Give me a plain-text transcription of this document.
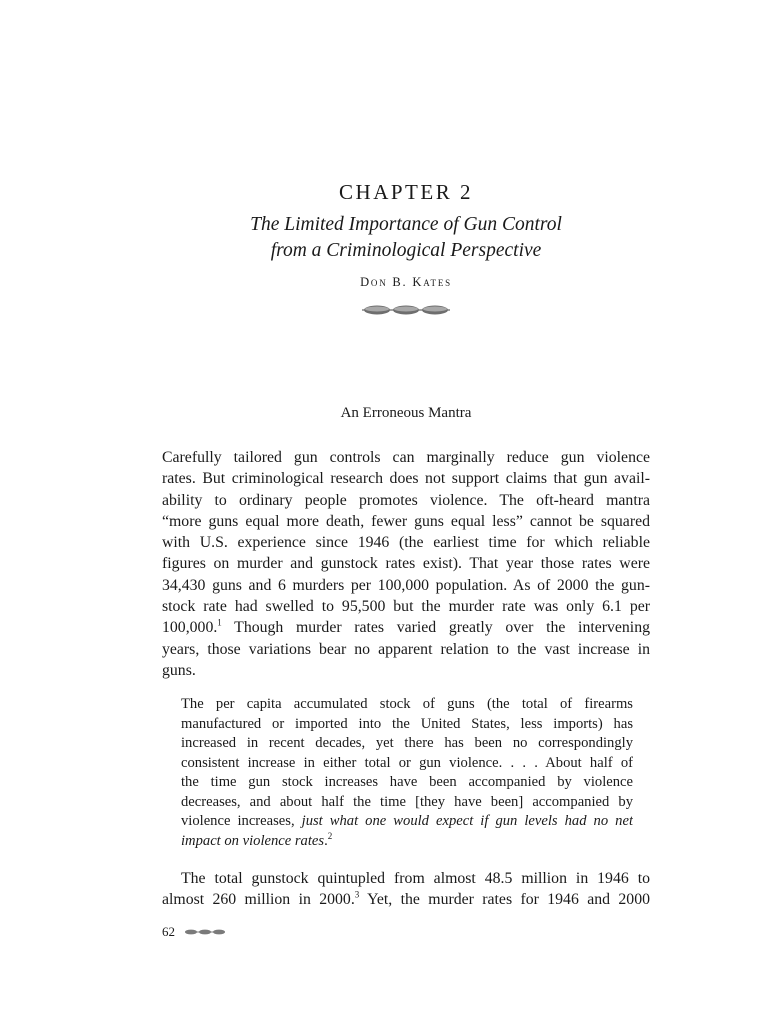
CHAPTER 2
The Limited Importance of Gun Control
from a Criminological Perspective
Don B. Kates
An Erroneous Mantra
Carefully tailored gun controls can marginally reduce gun violence
rates. But criminological research does not support claims that gun avail-
ability to ordinary people promotes violence. The oft-heard mantra
“more guns equal more death, fewer guns equal less” cannot be squared
with U.S. experience since 1946 (the earliest time for which reliable
figures on murder and gunstock rates exist). That year those rates were
34,430 guns and 6 murders per 100,000 population. As of 2000 the gun-
stock rate had swelled to 95,500 but the murder rate was only 6.1 per
100,000.$^1$ Though murder rates varied greatly over the intervening
years, those variations bear no apparent relation to the vast increase in
guns.
The per capita accumulated stock of guns (the total of firearms
manufactured or imported into the United States, less imports) has
increased in recent decades, yet there has been no correspondingly
consistent increase in either total or gun violence. . . . About half of
the time gun stock increases have been accompanied by violence
decreases, and about half the time [they have been] accompanied by
violence increases, just what one would expect if gun levels had no net
impact on violence rates.$^2$
The total gunstock quintupled from almost 48.5 million in 1946 to
almost 260 million in 2000.$^3$ Yet, the murder rates for 1946 and 2000
62
